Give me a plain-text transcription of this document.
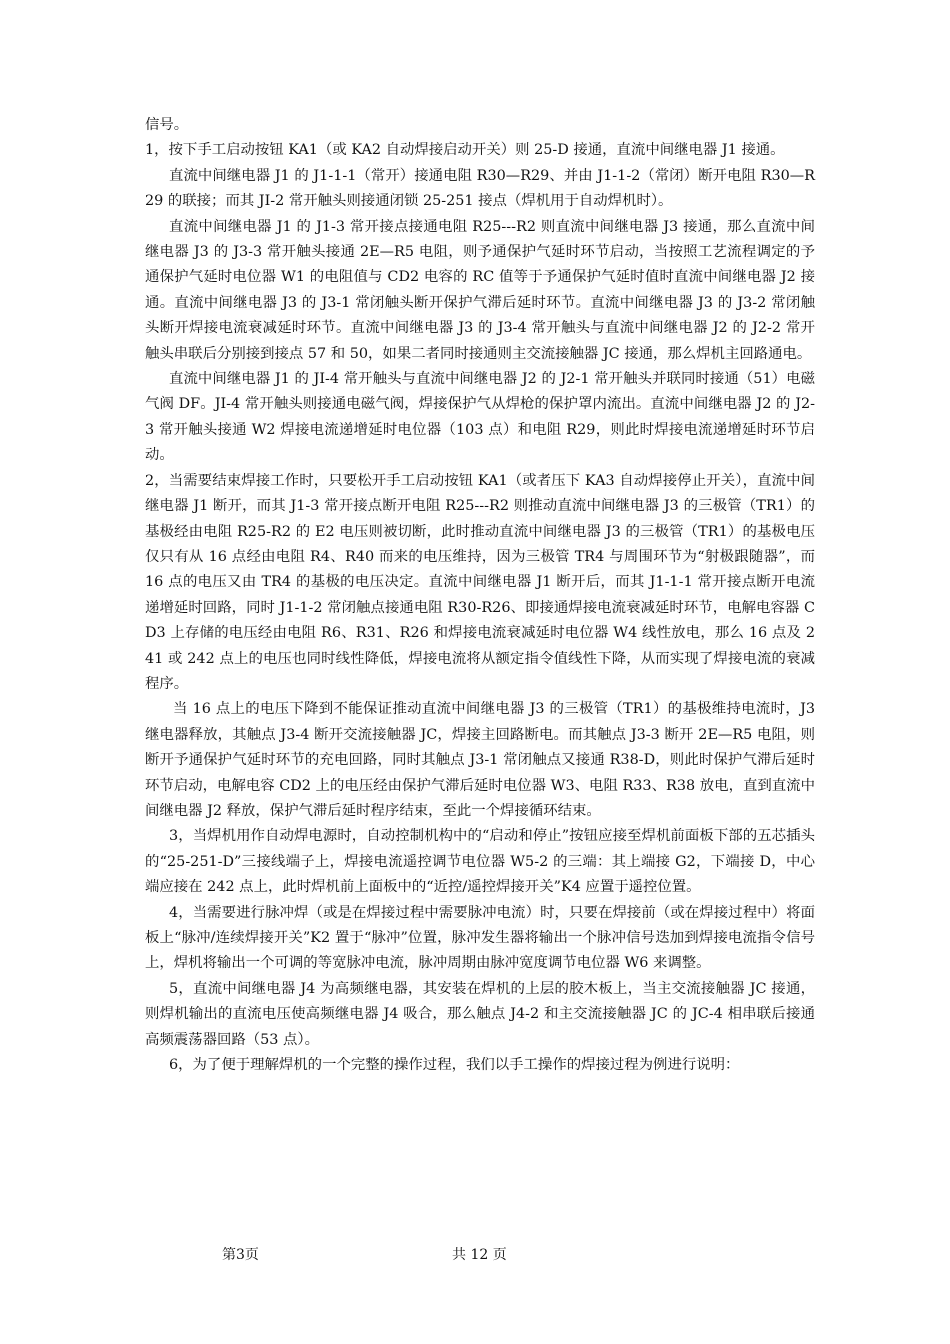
信号。

1，按下手工启动按钮 KA1（或 KA2 自动焊接启动开关）则 25-D 接通，直流中间继电器 J1 接通。

直流中间继电器 J1 的 J1-1-1（常开）接通电阻 R30—R29、并由 J1-1-2（常闭）断开电阻 R30—R29 的联接；而其 JI-2 常开触头则接通闭锁 25-251 接点（焊机用于自动焊机时）。

直流中间继电器 J1 的 J1-3 常开接点接通电阻 R25---R2 则直流中间继电器 J3 接通，那么直流中间继电器 J3 的 J3-3 常开触头接通 2E—R5 电阻，则予通保护气延时环节启动，当按照工艺流程调定的予通保护气延时电位器 W1 的电阻值与 CD2 电容的 RC 值等于予通保护气延时值时直流中间继电器 J2 接通。直流中间继电器 J3 的 J3-1 常闭触头断开保护气滞后延时环节。直流中间继电器 J3 的 J3-2 常闭触头断开焊接电流衰减延时环节。直流中间继电器 J3 的 J3-4 常开触头与直流中间继电器 J2 的 J2-2 常开触头串联后分别接到接点 57 和 50，如果二者同时接通则主交流接触器 JC 接通，那么焊机主回路通电。

直流中间继电器 J1 的 JI-4 常开触头与直流中间继电器 J2 的 J2-1 常开触头并联同时接通（51）电磁气阀 DF。JI-4 常开触头则接通电磁气阀，焊接保护气从焊枪的保护罩内流出。直流中间继电器 J2 的 J2-3 常开触头接通 W2 焊接电流递增延时电位器（103 点）和电阻 R29，则此时焊接电流递增延时环节启动。

2，当需要结束焊接工作时，只要松开手工启动按钮 KA1（或者压下 KA3 自动焊接停止开关），直流中间继电器 J1 断开，而其 J1-3 常开接点断开电阻 R25---R2 则推动直流中间继电器 J3 的三极管（TR1）的基极经由电阻 R25-R2 的 E2 电压则被切断，此时推动直流中间继电器 J3 的三极管（TR1）的基极电压仅只有从 16 点经由电阻 R4、R40 而来的电压维持，因为三极管 TR4 与周围环节为“射极跟随器”，而 16 点的电压又由 TR4 的基极的电压决定。直流中间继电器 J1 断开后，而其 J1-1-1 常开接点断开电流递增延时回路，同时 J1-1-2 常闭触点接通电阻 R30-R26、即接通焊接电流衰减延时环节，电解电容器 CD3 上存储的电压经由电阻 R6、R31、R26 和焊接电流衰减延时电位器 W4 线性放电，那么 16 点及 241 或 242 点上的电压也同时线性降低，焊接电流将从额定指令值线性下降，从而实现了焊接电流的衰减程序。

当 16 点上的电压下降到不能保证推动直流中间继电器 J3 的三极管（TR1）的基极维持电流时，J3 继电器释放，其触点 J3-4 断开交流接触器 JC，焊接主回路断电。而其触点 J3-3 断开 2E—R5 电阻，则断开予通保护气延时环节的充电回路，同时其触点 J3-1 常闭触点又接通 R38-D，则此时保护气滞后延时环节启动，电解电容 CD2 上的电压经由保护气滞后延时电位器 W3、电阻 R33、R38 放电，直到直流中间继电器 J2 释放，保护气滞后延时程序结束，至此一个焊接循环结束。

3，当焊机用作自动焊电源时，自动控制机构中的“启动和停止”按钮应接至焊机前面板下部的五芯插头的“25-251-D”三接线端子上，焊接电流遥控调节电位器 W5-2 的三端：其上端接 G2，下端接 D，中心端应接在 242 点上，此时焊机前上面板中的“近控/遥控焊接开关”K4 应置于遥控位置。

4，当需要进行脉冲焊（或是在焊接过程中需要脉冲电流）时，只要在焊接前（或在焊接过程中）将面板上“脉冲/连续焊接开关”K2 置于“脉冲”位置，脉冲发生器将输出一个脉冲信号迭加到焊接电流指令信号上，焊机将输出一个可调的等宽脉冲电流，脉冲周期由脉冲宽度调节电位器 W6 来调整。

5，直流中间继电器 J4 为高频继电器，其安装在焊机的上层的胶木板上，当主交流接触器 JC 接通，则焊机输出的直流电压使高频继电器 J4 吸合，那么触点 J4-2 和主交流接触器 JC 的 JC-4 相串联后接通高频震荡器回路（53 点）。

6，为了便于理解焊机的一个完整的操作过程，我们以手工操作的焊接过程为例进行说明：

第3页	共 12 页
